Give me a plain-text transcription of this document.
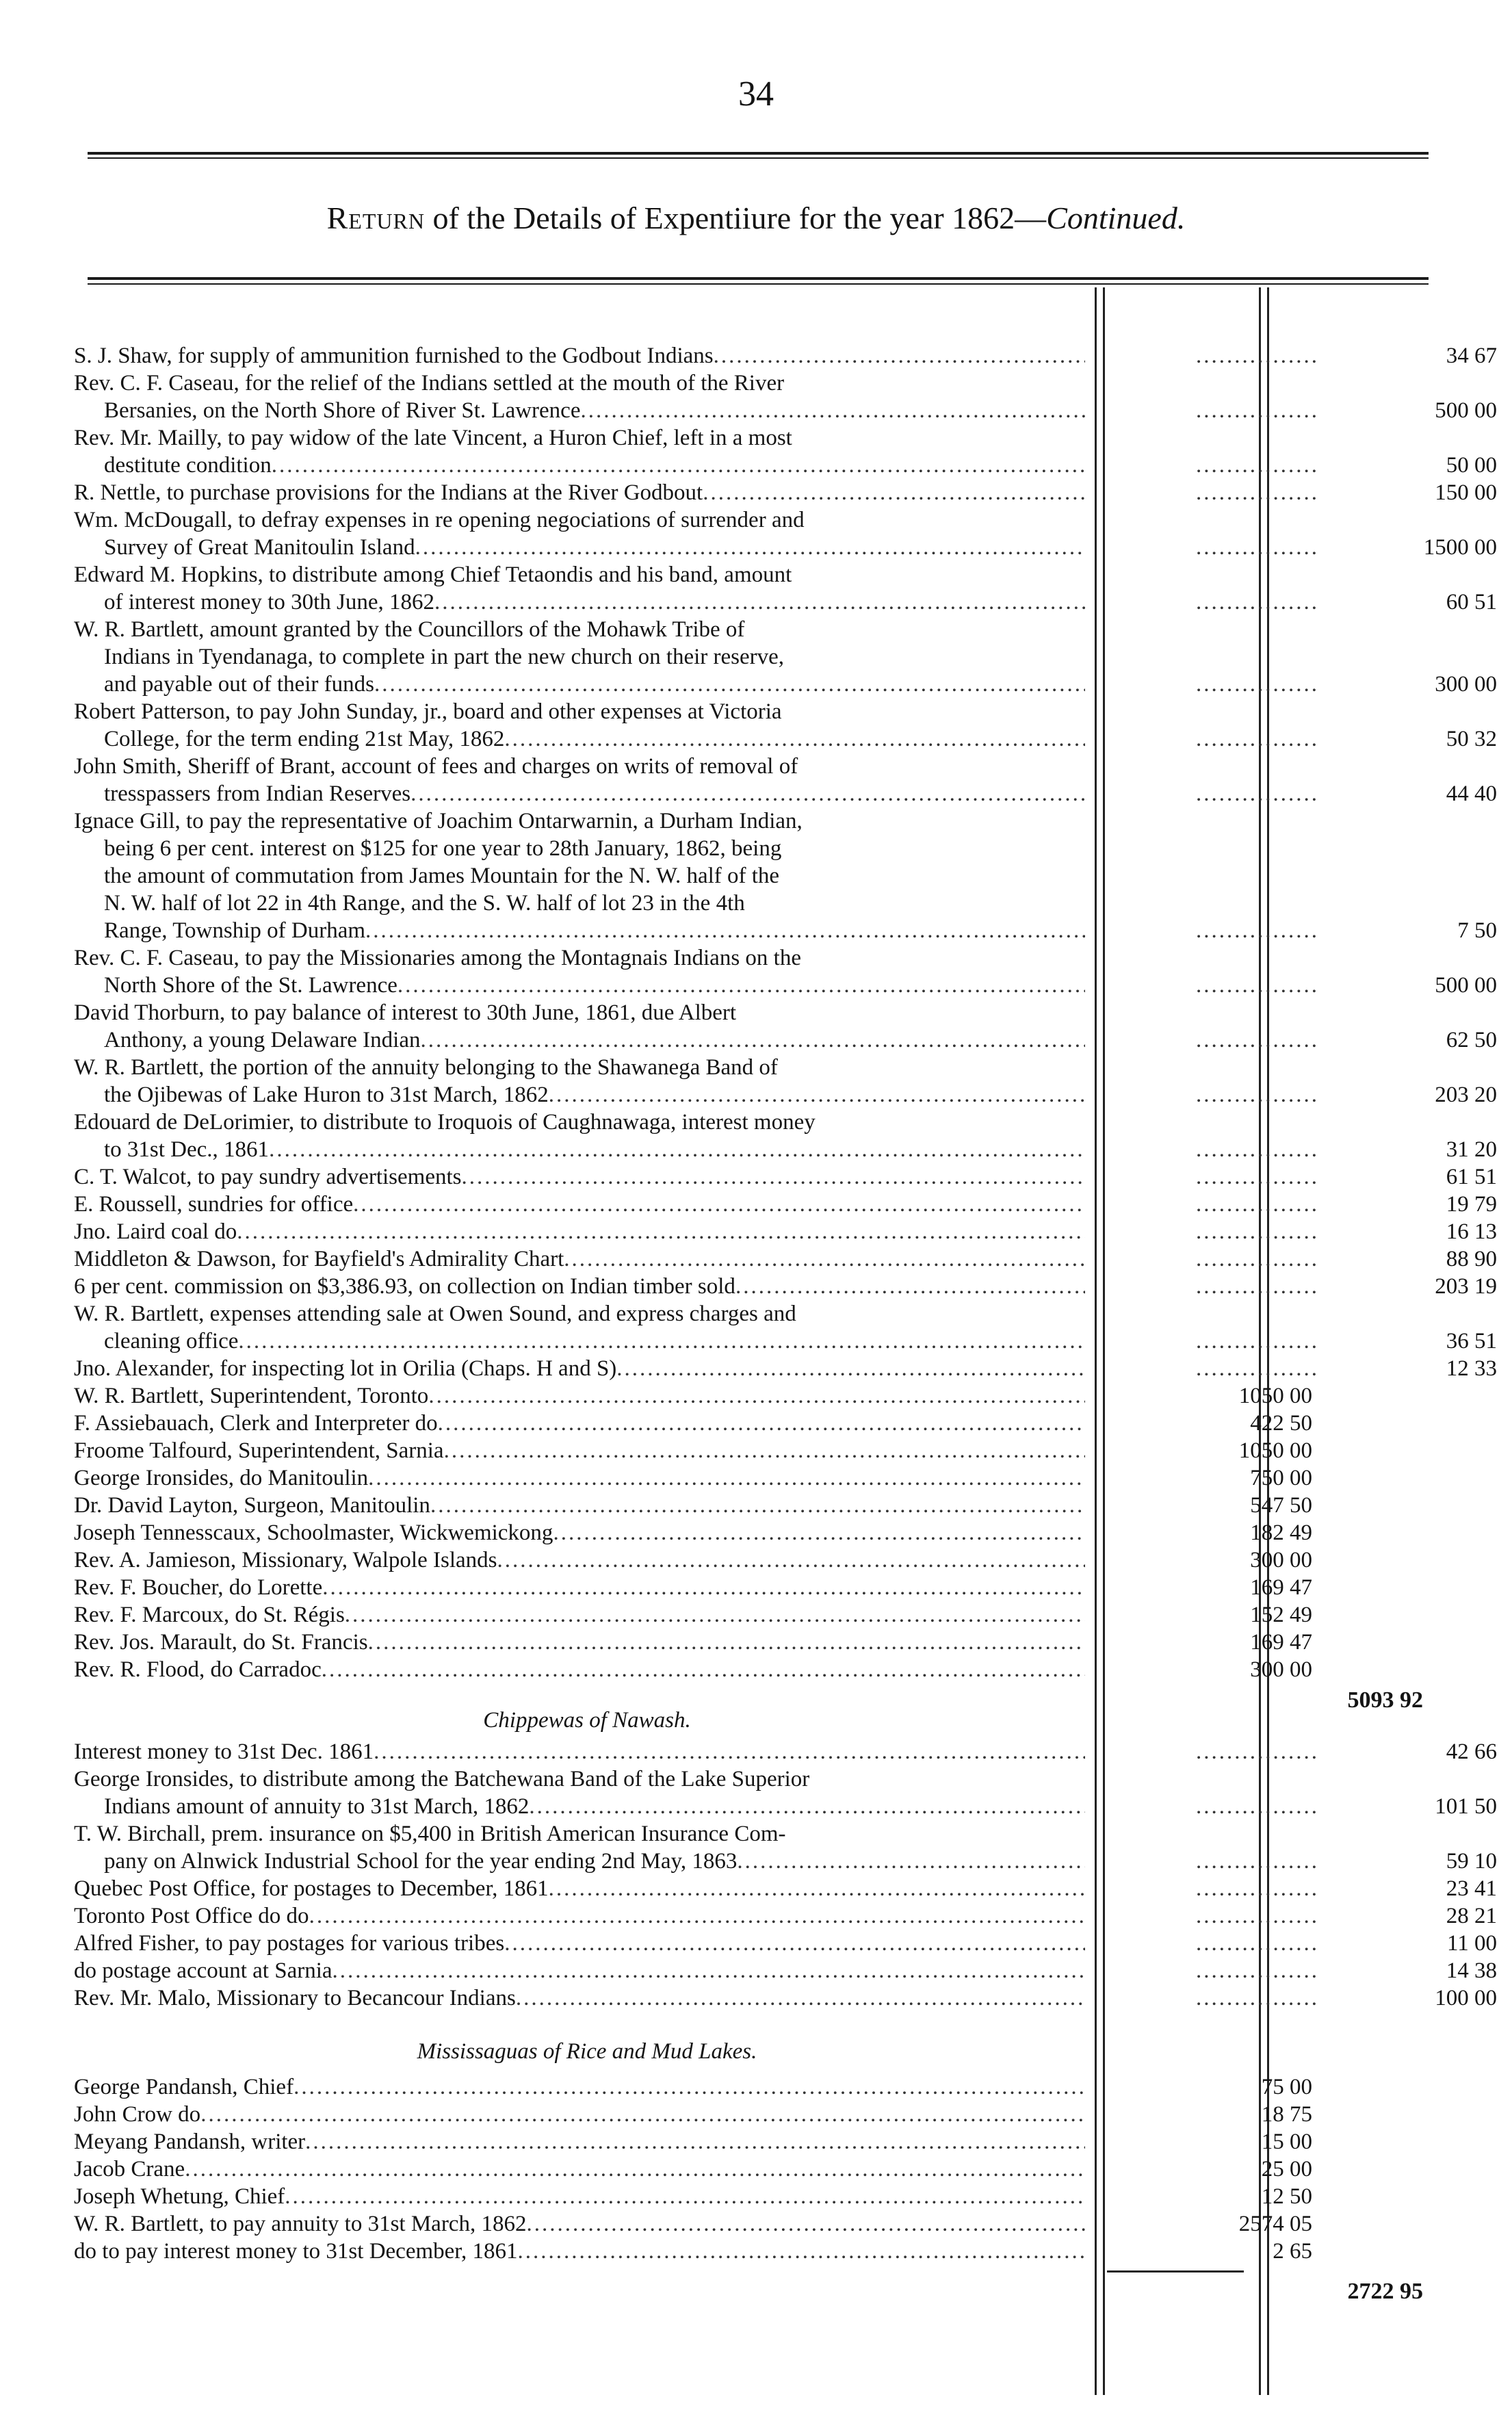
34
Return of the Details of Expentiiure for the year 1862—Continued.
S. J. Shaw, for supply of ammunition furnished to the Godbout Indians ..... .....	34 67
Rev. C. F. Caseau, for the relief of the Indians settled at the mouth of the River
Bersanies, on the North Shore of River St. Lawrence ..... .....	500 00
Rev. Mr. Mailly, to pay widow of the late Vincent, a Huron Chief, left in a most
destitute condition ..... .....	50 00
R. Nettle, to purchase provisions for the Indians at the River Godbout ..... .....	150 00
Wm. McDougall, to defray expenses in re opening negociations of surrender and
Survey of Great Manitoulin Island ..... .....	1500 00
Edward M. Hopkins, to distribute among Chief Tetaondis and his band, amount
of interest money to 30th June, 1862 ..... .....	60 51
W. R. Bartlett, amount granted by the Councillors of the Mohawk Tribe of
Indians in Tyendanaga, to complete in part the new church on their reserve,
and payable out of their funds ..... .....	300 00
Robert Patterson, to pay John Sunday, jr., board and other expenses at Victoria
College, for the term ending 21st May, 1862 ..... .....	50 32
John Smith, Sheriff of Brant, account of fees and charges on writs of removal of
tresspassers from Indian Reserves ..... .....	44 40
Ignace Gill, to pay the representative of Joachim Ontarwarnin, a Durham Indian,
being 6 per cent. interest on $125 for one year to 28th January, 1862, being
the amount of commutation from James Mountain for the N. W. half of the
N. W. half of lot 22 in 4th Range, and the S. W. half of lot 23 in the 4th
Range, Township of Durham ..... .....	7 50
Rev. C. F. Caseau, to pay the Missionaries among the Montagnais Indians on the
North Shore of the St. Lawrence ..... .....	500 00
David Thorburn, to pay balance of interest to 30th June, 1861, due Albert
Anthony, a young Delaware Indian ..... .....	62 50
W. R. Bartlett, the portion of the annuity belonging to the Shawanega Band of
the Ojibewas of Lake Huron to 31st March, 1862 ..... .....	203 20
Edouard de DeLorimier, to distribute to Iroquois of Caughnawaga, interest money
to 31st Dec., 1861 ..... .....	31 20
C. T. Walcot, to pay sundry advertisements ..... .....	61 51
E. Roussell, sundries for office ..... .....	19 79
Jno. Laird coal do ..... .....	16 13
Middleton & Dawson, for Bayfield's Admirality Chart ..... .....	88 90
6 per cent. commission on $3,386.93, on collection on Indian timber sold ..... .....	203 19
W. R. Bartlett, expenses attending sale at Owen Sound, and express charges and
cleaning office ..... .....	36 51
Jno. Alexander, for inspecting lot in Orilia (Chaps. H and S) ..... .....	12 33
W. R. Bartlett, Superintendent, Toronto .....	1050 00
F. Assiebauach, Clerk and Interpreter do .....	422 50
Froome Talfourd, Superintendent, Sarnia .....	1050 00
George Ironsides, do Manitoulin .....	750 00
Dr. David Layton, Surgeon, Manitoulin .....	547 50
Joseph Tennesscaux, Schoolmaster, Wickwemickong .....	182 49
Rev. A. Jamieson, Missionary, Walpole Islands .....	300 00
Rev. F. Boucher, do Lorette .....	169 47
Rev. F. Marcoux, do St. Régis .....	152 49
Rev. Jos. Marault, do St. Francis .....	169 47
Rev. R. Flood, do Carradoc .....	300 00
5093 92
Chippewas of Nawash.
Interest money to 31st Dec. 1861 ..... .....	42 66
George Ironsides, to distribute among the Batchewana Band of the Lake Superior
Indians amount of annuity to 31st March, 1862 ..... .....	101 50
T. W. Birchall, prem. insurance on $5,400 in British American Insurance Com-
pany on Alnwick Industrial School for the year ending 2nd May, 1863 ..... .....	59 10
Quebec Post Office, for postages to December, 1861 ..... .....	23 41
Toronto Post Office do do ..... .....	28 21
Alfred Fisher, to pay postages for various tribes ..... .....	11 00
do postage account at Sarnia ..... .....	14 38
Rev. Mr. Malo, Missionary to Becancour Indians ..... .....	100 00
Mississaguas of Rice and Mud Lakes.
George Pandansh, Chief .....	75 00
John Crow do .....	18 75
Meyang Pandansh, writer .....	15 00
Jacob Crane .....	25 00
Joseph Whetung, Chief .....	12 50
W. R. Bartlett, to pay annuity to 31st March, 1862 .....	2574 05
do to pay interest money to 31st December, 1861 .....	2 65
2722 95
